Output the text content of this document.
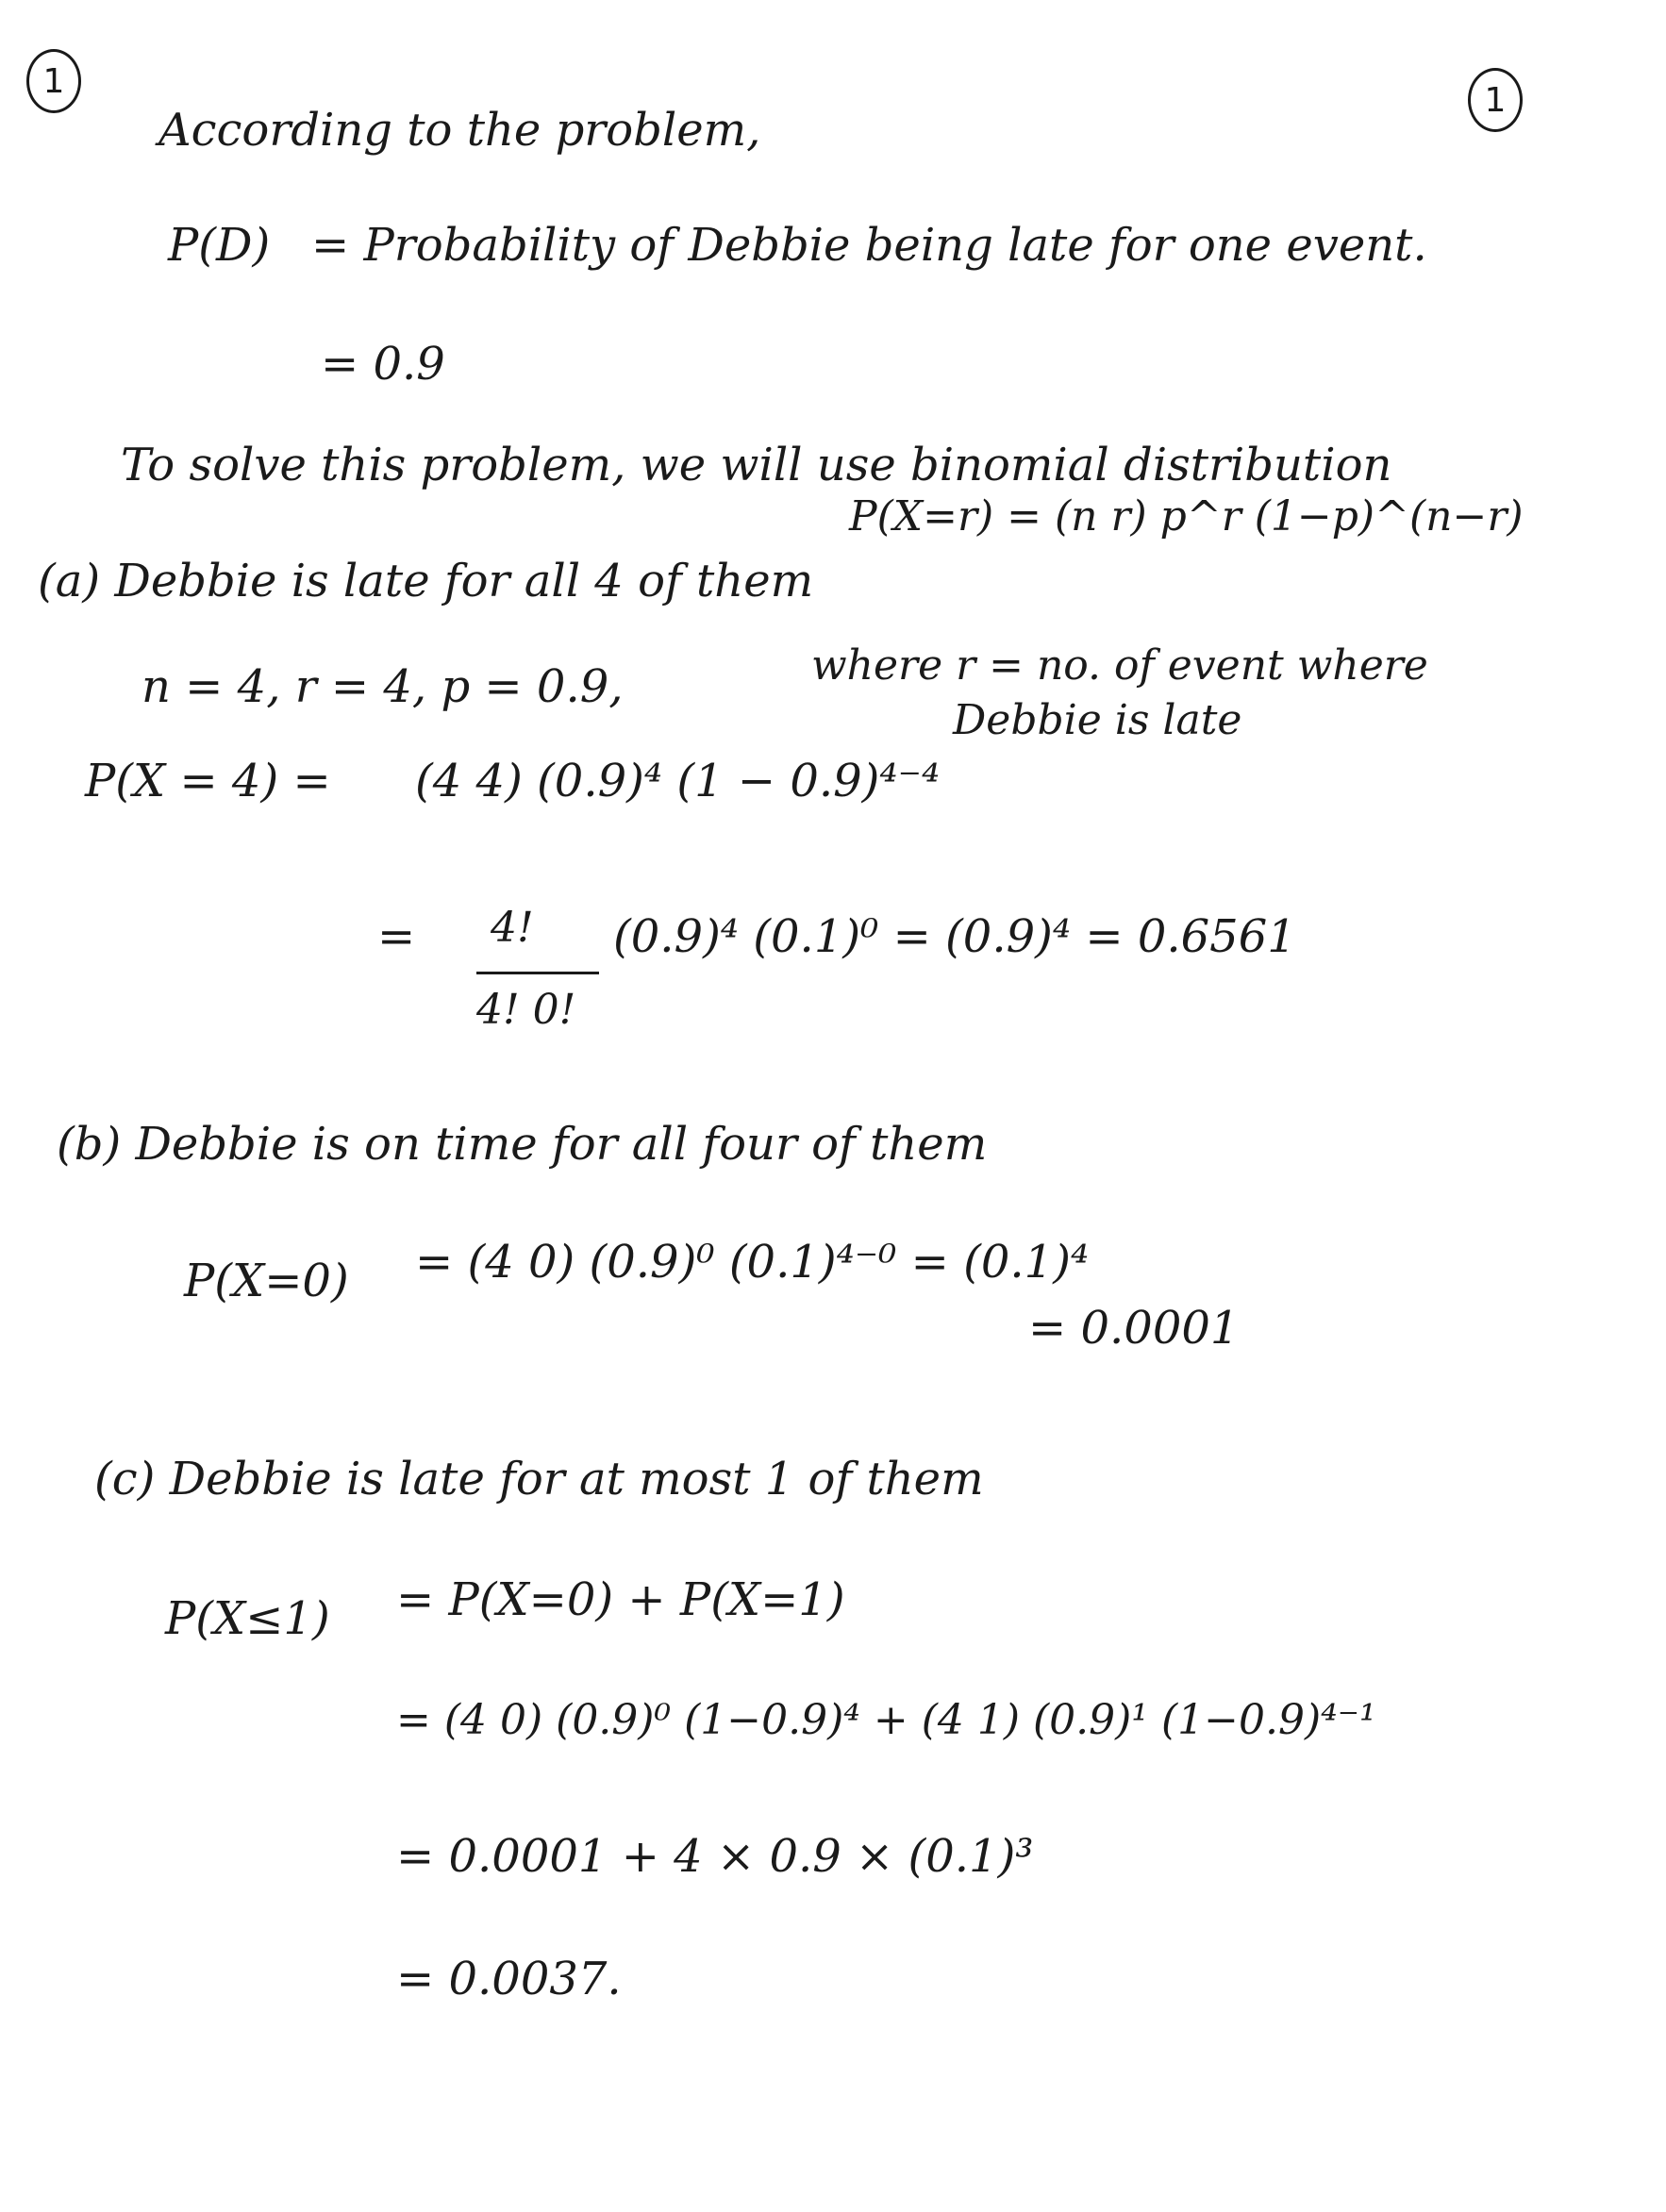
1	1
According to the problem,
P(D) = Probability of Debbie being late for one event.
= 0.9
To solve this problem, we will use binomial distribution
P(X=r) = (n r) p^r (1−p)^(n−r)
(a) Debbie is late for all 4 of them
n = 4, r = 4, p = 0.9,	where r = no. of event where
Debbie is late
P(X = 4) = (4 4) (0.9)⁴ (1 − 0.9)⁴⁻⁴
= 4!
4! 0!
(0.9)⁴ (0.1)⁰ = (0.9)⁴ = 0.6561
(b) Debbie is on time for all four of them
P(X=0) = (4 0) (0.9)⁰ (0.1)⁴⁻⁰ = (0.1)⁴
= 0.0001
(c) Debbie is late for at most 1 of them
P(X≤1) = P(X=0) + P(X=1)
= (4 0) (0.9)⁰ (1−0.9)⁴ + (4 1) (0.9)¹ (1−0.9)⁴⁻¹
= 0.0001 + 4 × 0.9 × (0.1)³
= 0.0037.
